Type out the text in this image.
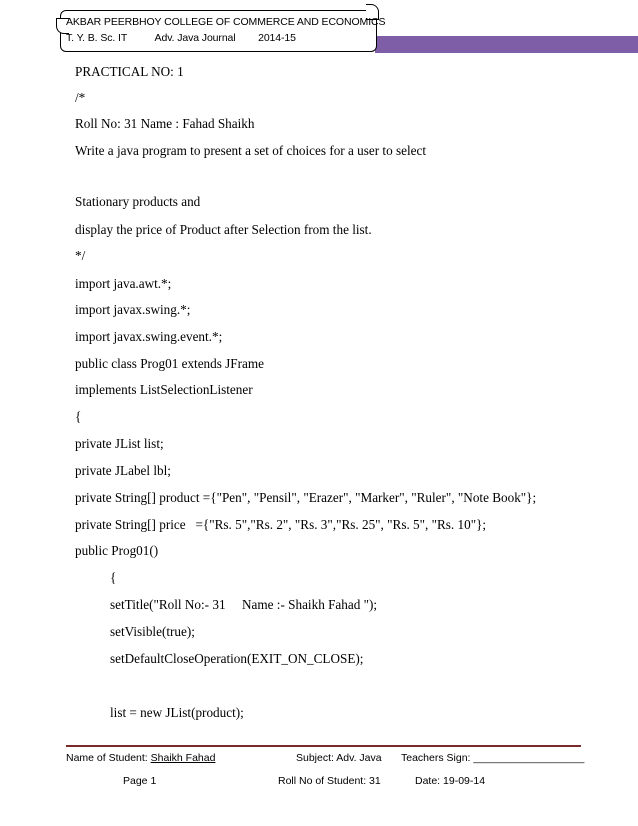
AKBAR PEERBHOY COLLEGE OF COMMERCE AND ECONOMICS
T. Y. B. Sc. IT	Adv. Java Journal 2014-15
PRACTICAL NO: 1
/*
Roll No: 31 Name : Fahad Shaikh
Write a java program to present a set of choices for a user to select
Stationary products and
display the price of Product after Selection from the list.
*/
import java.awt.*;
import javax.swing.*;
import javax.swing.event.*;
public class Prog01 extends JFrame
implements ListSelectionListener
{
private JList list;
private JLabel lbl;
private String[] product ={"Pen", "Pensil", "Erazer", "Marker", "Ruler", "Note Book"};
private String[] price   ={"Rs. 5","Rs. 2", "Rs. 3","Rs. 25", "Rs. 5", "Rs. 10"};
public Prog01()
{
setTitle("Roll No:- 31     Name :- Shaikh Fahad ");
setVisible(true);
setDefaultCloseOperation(EXIT_ON_CLOSE);
list = new JList(product);
Name of Student: Shaikh Fahad	Subject: Adv. Java Teachers Sign: ___________________
Page 1	Roll No of Student: 31	Date: 19-09-14
